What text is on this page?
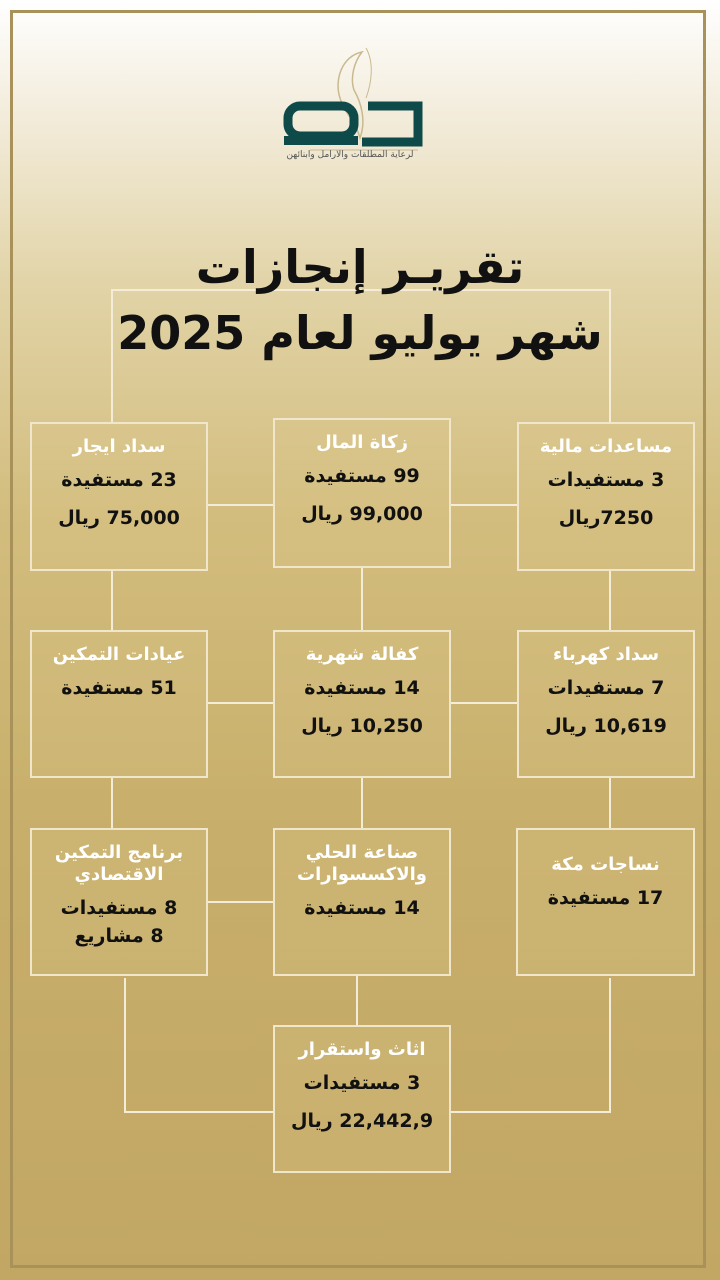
لرعاية المطلقات والارامل وابنائهن
تقريـر إنجازات
شهر يوليو لعام 2025
مساعدات مالية
3 مستفيدات
7250ريال
زكاة المال
99 مستفيدة
99,000 ريال
سداد ايجار
23 مستفيدة
75,000 ريال
سداد كهرباء
7 مستفيدات
10,619 ريال
كفالة شهرية
14 مستفيدة
10,250 ريال
عيادات التمكين
51 مستفيدة
نساجات مكة
17 مستفيدة
صناعة الحلي والاكسسوارات
14 مستفيدة
برنامج التمكين الاقتصادي
8 مستفيدات
8 مشاريع
اثاث واستقرار
3 مستفيدات
22,442,9 ريال
